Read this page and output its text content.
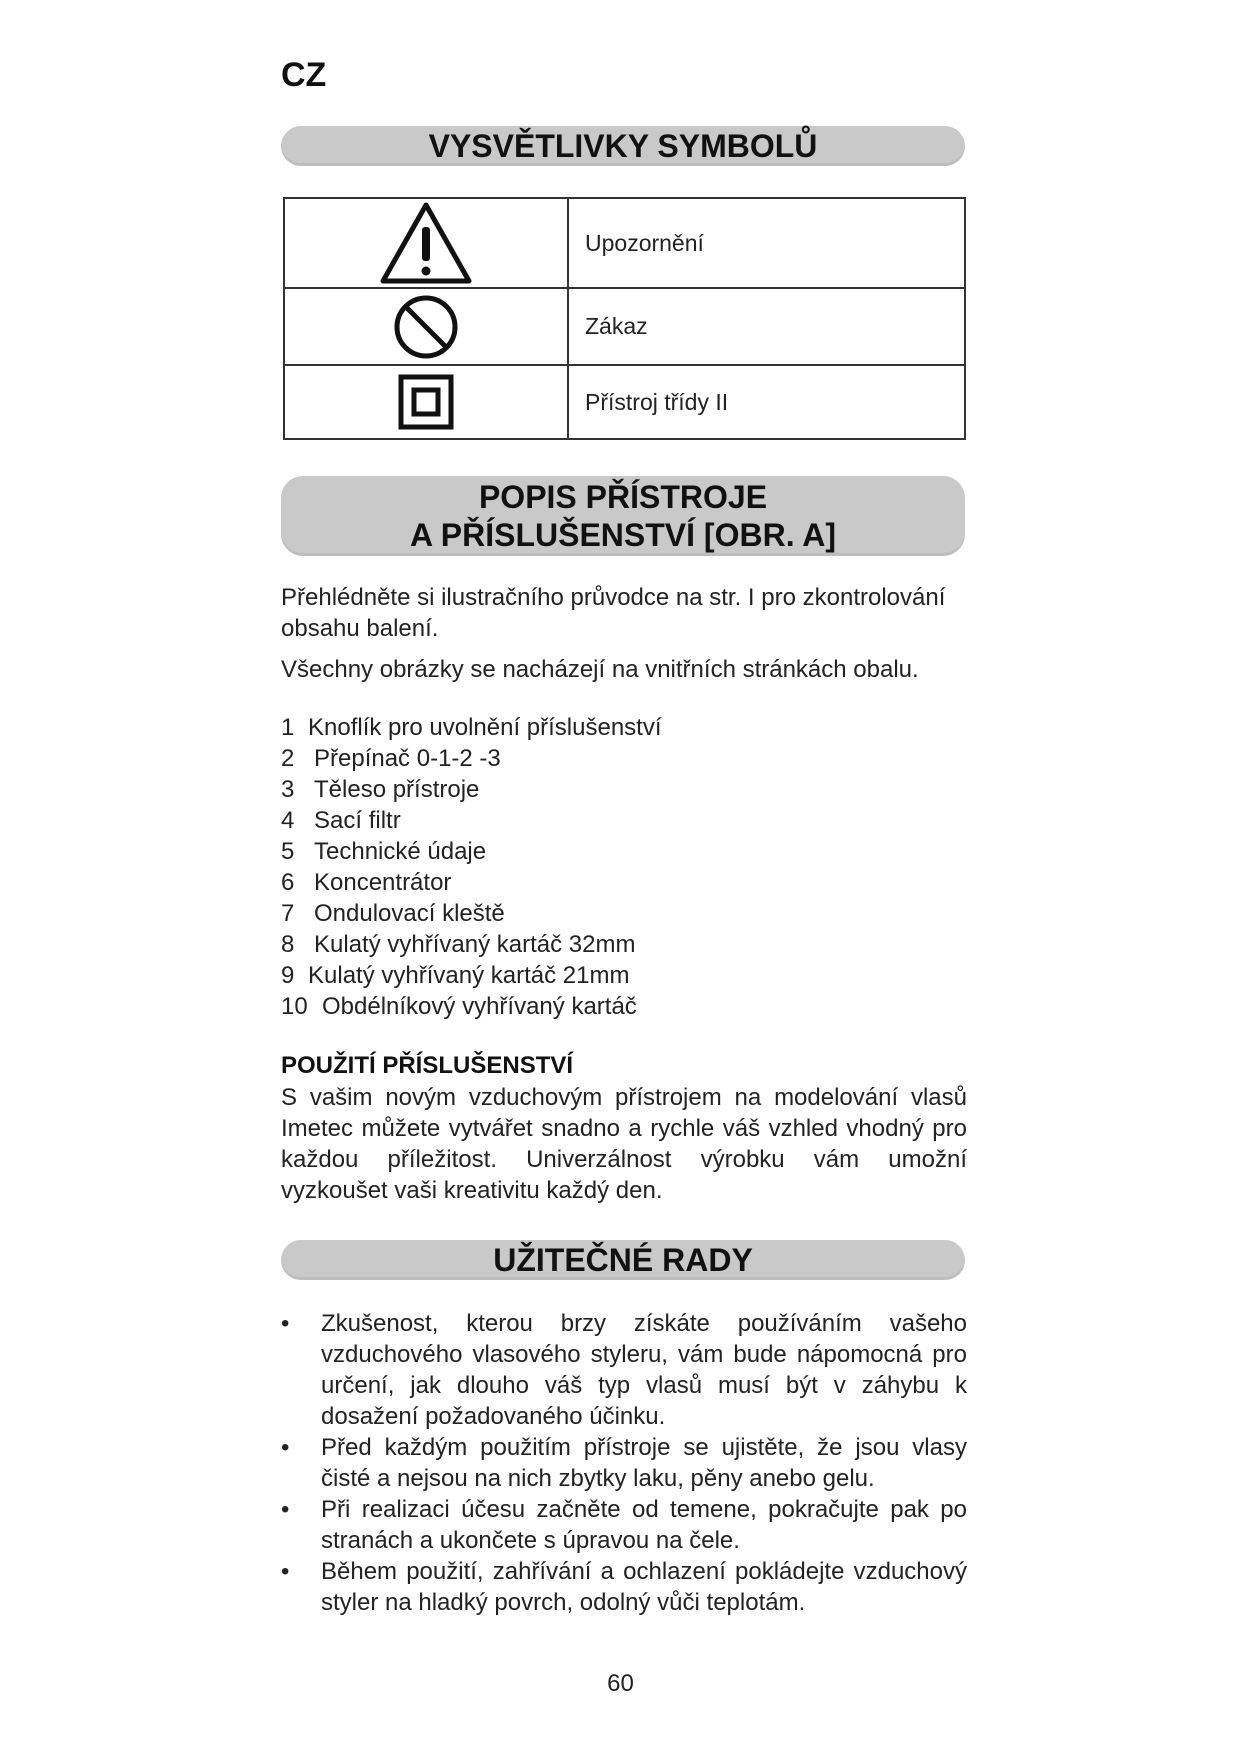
CZ
VYSVĚTLIVKY SYMBOLŮ
	Upozornění

	Zákaz

	Přístroj třídy II
POPIS PŘÍSTROJE
A PŘÍSLUŠENSTVÍ [OBR. A]
Přehlédněte si ilustračního průvodce na str. I pro zkontrolování obsahu balení.
Všechny obrázky se nacházejí na vnitřních stránkách obalu.
1 Knoflík pro uvolnění příslušenství
2 Přepínač 0-1-2 -3
3 Těleso přístroje
4 Sací filtr
5 Technické údaje
6 Koncentrátor
7 Ondulovací kleště
8 Kulatý vyhřívaný kartáč 32mm
9 Kulatý vyhřívaný kartáč 21mm
10 Obdélníkový vyhřívaný kartáč
POUŽITÍ PŘÍSLUŠENSTVÍ
S vašim novým vzduchovým přístrojem na modelování vlasů Imetec můžete vytvářet snadno a rychle váš vzhled vhodný pro každou příležitost. Univerzálnost výrobku vám umožní vyzkoušet vaši kreativitu každý den.
UŽITEČNÉ RADY
•	Zkušenost, kterou brzy získáte používáním vašeho vzduchového vlasového styleru, vám bude nápomocná pro určení, jak dlouho váš typ vlasů musí být v záhybu k dosažení požadovaného účinku.
•	Před každým použitím přístroje se ujistěte, že jsou vlasy čisté a nejsou na nich zbytky laku, pěny anebo gelu.
•	Při realizaci účesu začněte od temene, pokračujte pak po stranách a ukončete s úpravou na čele.
•	Během použití, zahřívání a ochlazení pokládejte vzduchový styler na hladký povrch, odolný vůči teplotám.
60
